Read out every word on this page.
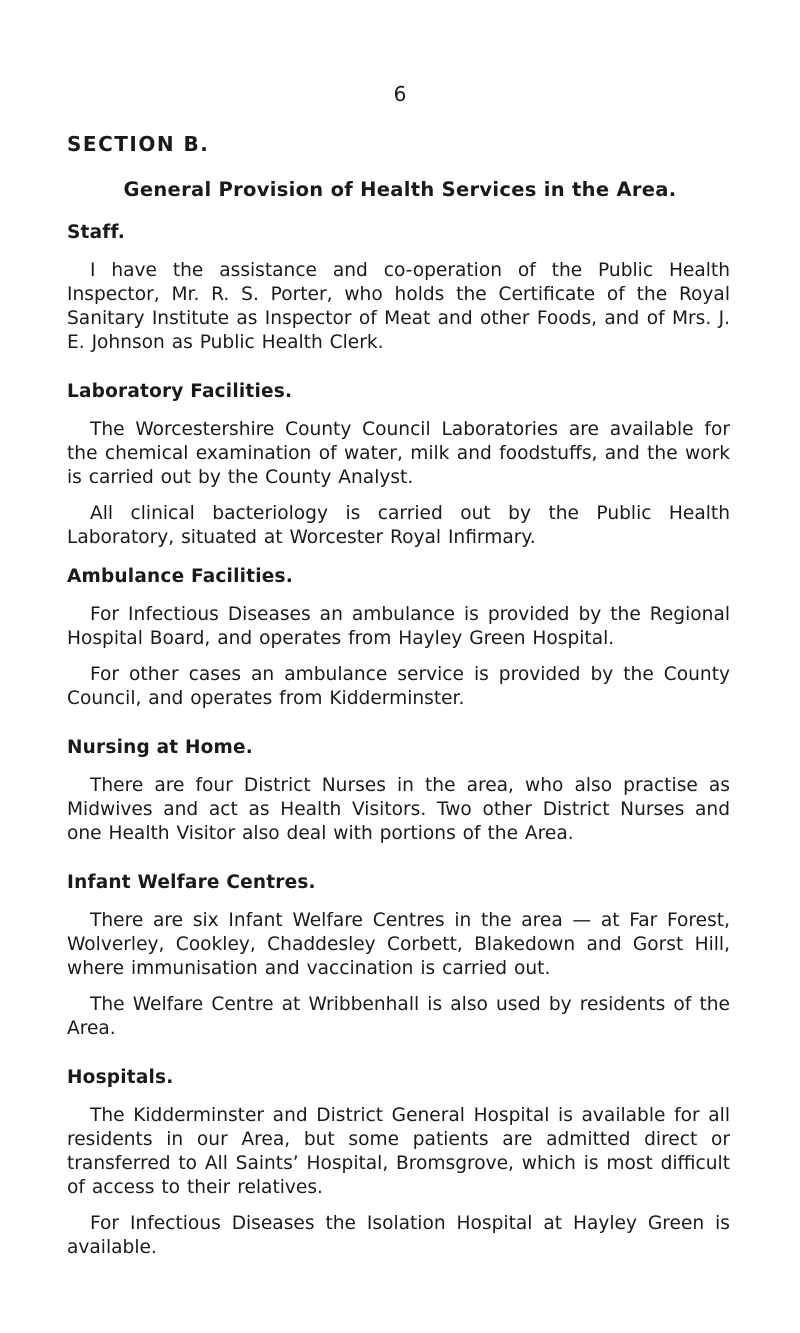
6
SECTION B.
General Provision of Health Services in the Area.
Staff.

I have the assistance and co-operation of the Public Health Inspector, Mr. R. S. Porter, who holds the Certificate of the Royal Sanitary Institute as Inspector of Meat and other Foods, and of Mrs. J. E. Johnson as Public Health Clerk.

Laboratory Facilities.

The Worcestershire County Council Laboratories are available for the chemical examination of water, milk and foodstuffs, and the work is carried out by the County Analyst.

All clinical bacteriology is carried out by the Public Health Laboratory, situated at Worcester Royal Infirmary.

Ambulance Facilities.

For Infectious Diseases an ambulance is provided by the Regional Hospital Board, and operates from Hayley Green Hospital.

For other cases an ambulance service is provided by the County Council, and operates from Kidderminster.

Nursing at Home.

There are four District Nurses in the area, who also practise as Midwives and act as Health Visitors. Two other District Nurses and one Health Visitor also deal with portions of the Area.

Infant Welfare Centres.

There are six Infant Welfare Centres in the area — at Far Forest, Wolverley, Cookley, Chaddesley Corbett, Blakedown and Gorst Hill, where immunisation and vaccination is carried out.

The Welfare Centre at Wribbenhall is also used by residents of the Area.

Hospitals.

The Kidderminster and District General Hospital is available for all residents in our Area, but some patients are admitted direct or transferred to All Saints’ Hospital, Bromsgrove, which is most difficult of access to their relatives.

For Infectious Diseases the Isolation Hospital at Hayley Green is available.
